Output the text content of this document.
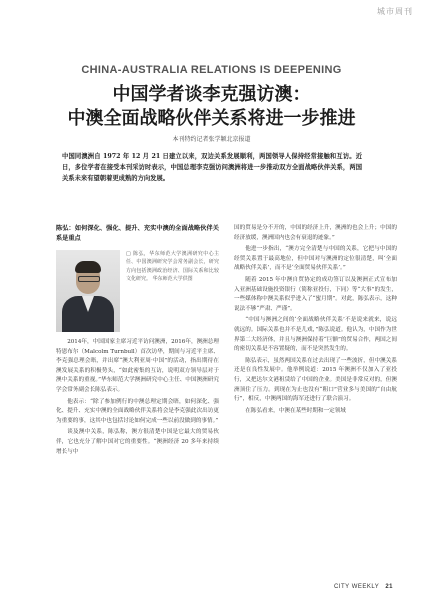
城市周刊
CHINA-AUSTRALIA RELATIONS IS DEEPENING
中国学者谈李克强访澳：
中澳全面战略伙伴关系将进一步推进
本刊特约记者张学颖北京报道
中国同澳洲自 1972 年 12 月 21 日建立以来，双边关系发展顺利，两国领导人保持经常接触和互访。近日，多位学者在接受本刊采访时表示，中国总理李克强访问澳洲将进一步推动双方全面战略伙伴关系，两国关系未来有望朝着更成熟的方向发展。
陈弘：如何深化、强化、提升、充实中澳的全面战略伙伴关系是重点
□ 陈弘，华东师范大学澳洲研究中心主任、中国澳洲研究学会常务副会长，研究方向包括澳洲政治经济、国际关系和比较文化研究。 华东师范大学供图

2014年，中国国家主席习近平访问澳洲，2016年，澳洲总理特恩布尔（Malcolm Turnbull）首次访华，期间与习近平主席、李克强总理会晤，并出席“澳大利亚周·中国”的活动，指出期待在澳发展关系的积极势头，“如此密集的互访，说明双方领导层对于澳中关系的重视。”华东师范大学澳洲研究中心主任、中国澳洲研究学会常务副会长陈弘表示。

他表示：“除了参加例行的中澳总理定期会晤，如何深化、强化、提升、充实中澳的全面战略伙伴关系将会是李克强此次出访更为重要的事，这其中也包括讨论如何完成一些以前没做到的事情。”

谈及澳中关系，陈弘称，澳方很清楚中国是它最大的贸易伙伴，它也充分了解中国对它的重要性。“澳洲经济 20 多年来持续增长与中

国的贸易是分不开的，中国的经济上升，澳洲的也会上升；中国的经济放缓，澳洲国内也会有衰退的迹象。”

他进一步指出，“澳方完全清楚与中国的关系，它把与中国的经贸关系置于最高地位，但中国对与澳洲的定位很清楚，叫‘全面战略伙伴关系’，而不是‘全面贸易伙伴关系’。”

随着 2015 年中澳自贸协定的成功签订以及澳洲正式宣布加入亚洲基础设施投资银行（简称亚投行，下同）等“大事”的发生，一些媒体称中澳关系似乎进入了“蜜月期”。对此，陈弘表示，这种说法不够“严肃、严谨”。

“中国与澳洲之间的‘全面战略伙伴关系’不是说来就来，说远就远的。国际关系也并不是儿戏，”陈弘说道。他认为，中国作为世界第二大经济体，并且与澳洲保持着“巨额”的贸易合作，两国之间的密切关系是不容置疑的，而不是突然发生的。

陈弘表示，虽然两国关系在过去出现了一些波折，但中澳关系还是在良性发展中。他举例说道：2015 年澳洲不仅加入了亚投行，又把达尔文港租赁给了中国的企业。美国是非常反对的，但澳洲顶住了压力。到现在为止也没有“粗口”营业多与美国的“自由航行”，相反，中澳两国的海军还进行了联合演习。

在陈弘看来，中澳在某些时期和一定领域

CITY WEEKLY 21
